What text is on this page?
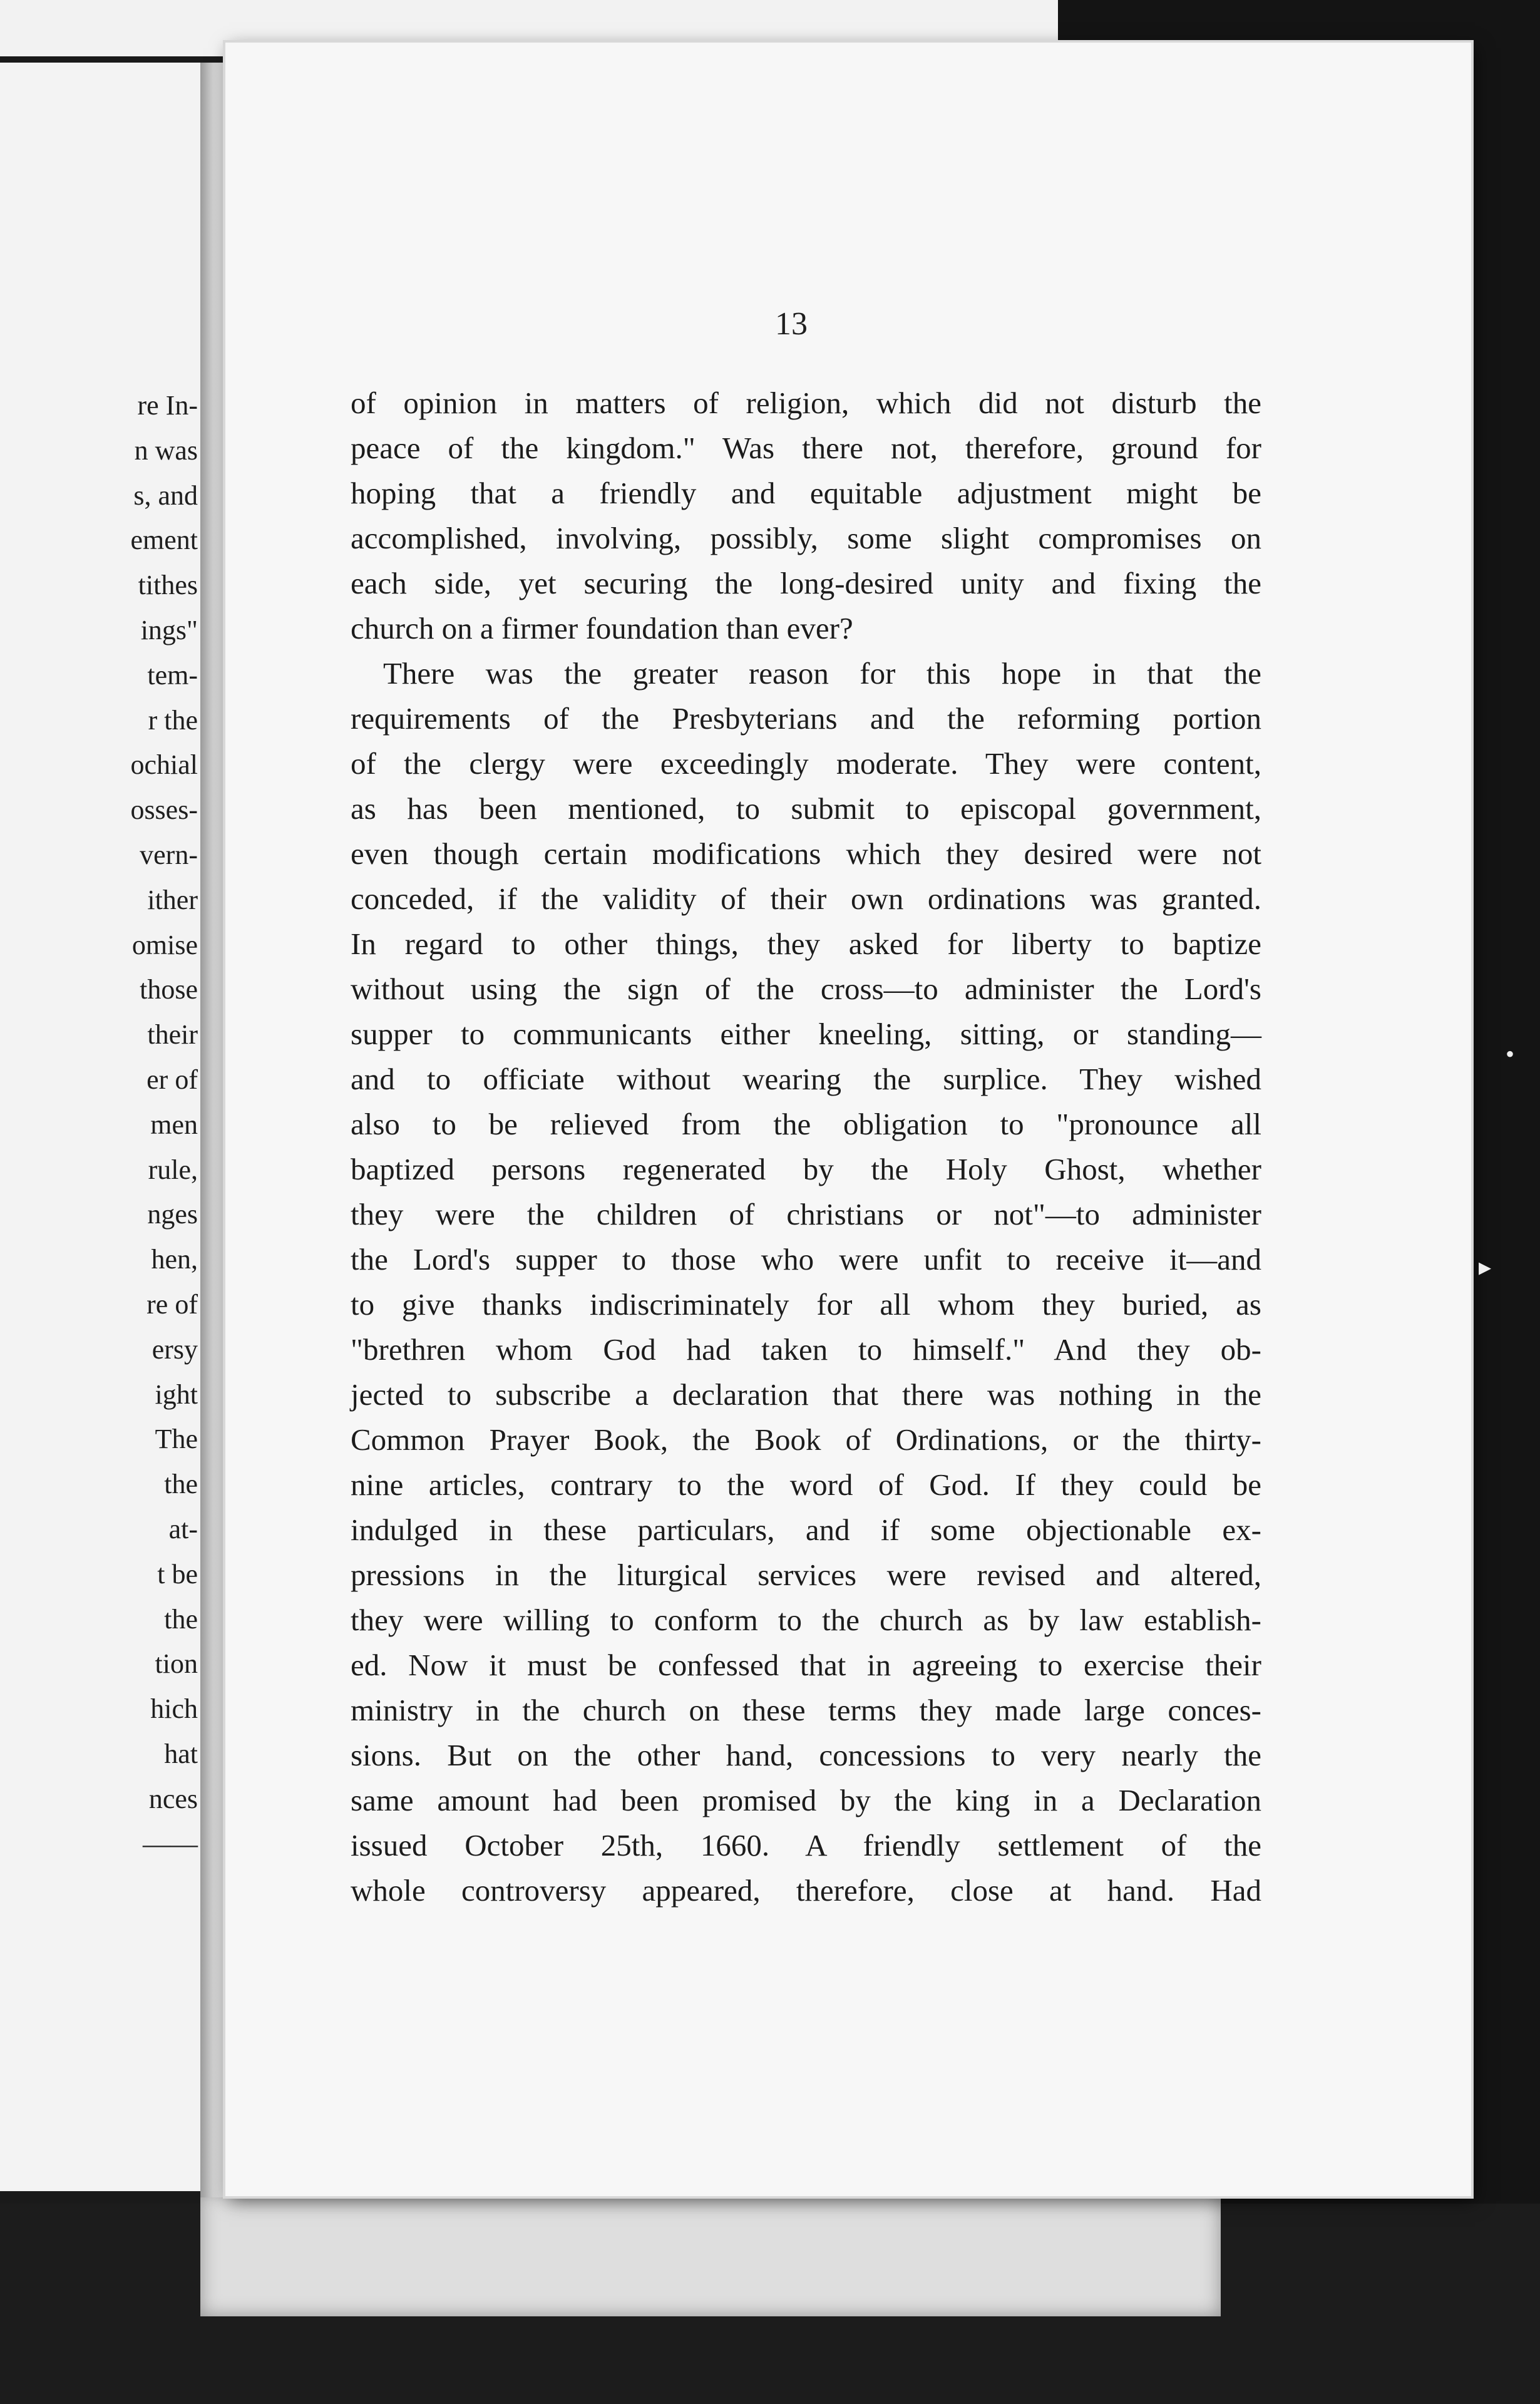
re In-
n was
s, and
ement
tithes
ings"
tem-
r the
ochial
osses-
vern-
ither
omise
those
their
er of
men
rule,
nges
hen,
re of
ersy
ight
The
the
at-
t be
the
tion
hich
hat
nces
——
13
of opinion in matters of religion, which did not disturb the
peace of the kingdom." Was there not, therefore, ground for
hoping that a friendly and equitable adjustment might be
accomplished, involving, possibly, some slight compromises on
each side, yet securing the long-desired unity and fixing the
church on a firmer foundation than ever?
There was the greater reason for this hope in that the
requirements of the Presbyterians and the reforming portion
of the clergy were exceedingly moderate. They were content,
as has been mentioned, to submit to episcopal government,
even though certain modifications which they desired were not
conceded, if the validity of their own ordinations was granted.
In regard to other things, they asked for liberty to baptize
without using the sign of the cross—to administer the Lord's
supper to communicants either kneeling, sitting, or standing—
and to officiate without wearing the surplice. They wished
also to be relieved from the obligation to "pronounce all
baptized persons regenerated by the Holy Ghost, whether
they were the children of christians or not"—to administer
the Lord's supper to those who were unfit to receive it—and
to give thanks indiscriminately for all whom they buried, as
"brethren whom God had taken to himself." And they ob-
jected to subscribe a declaration that there was nothing in the
Common Prayer Book, the Book of Ordinations, or the thirty-
nine articles, contrary to the word of God. If they could be
indulged in these particulars, and if some objectionable ex-
pressions in the liturgical services were revised and altered,
they were willing to conform to the church as by law establish-
ed. Now it must be confessed that in agreeing to exercise their
ministry in the church on these terms they made large conces-
sions. But on the other hand, concessions to very nearly the
same amount had been promised by the king in a Declaration
issued October 25th, 1660. A friendly settlement of the
whole controversy appeared, therefore, close at hand. Had
•
▸
